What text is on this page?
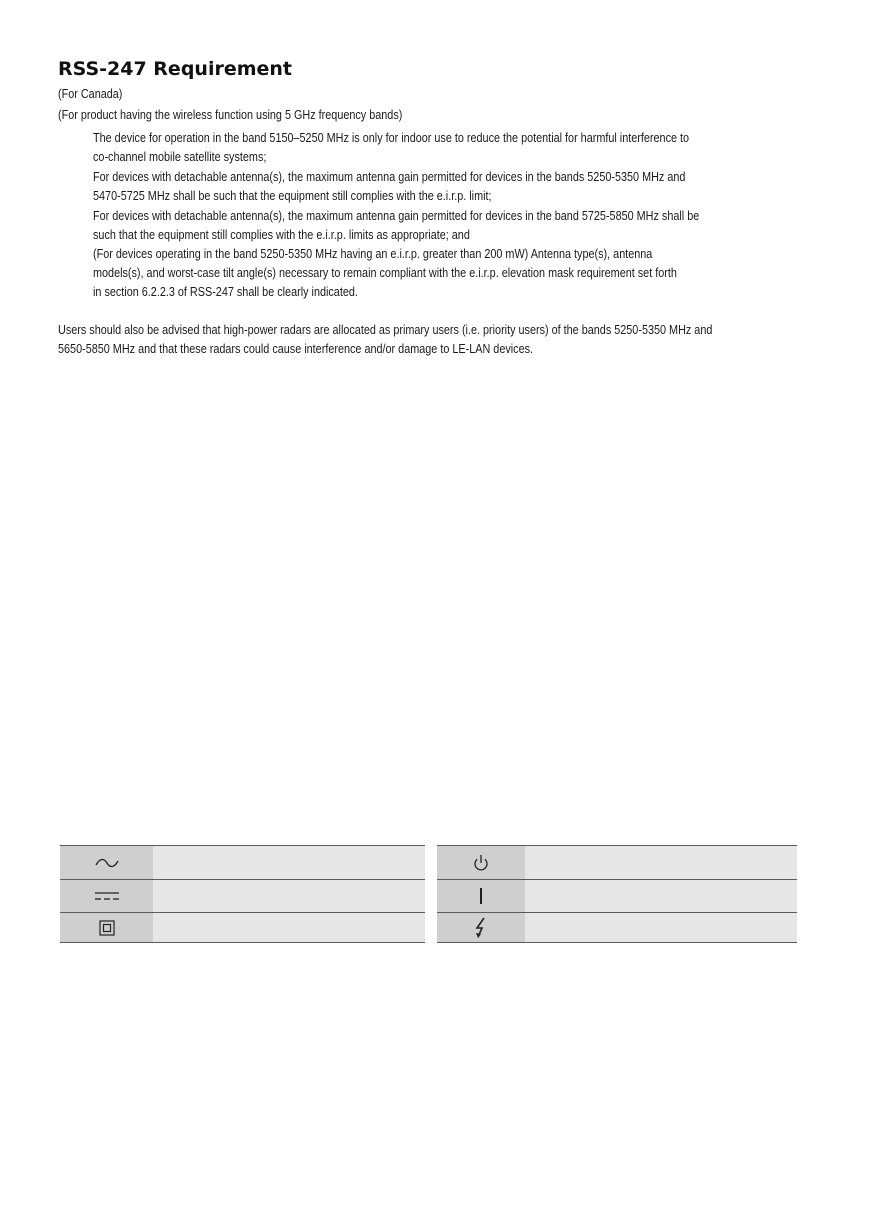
RSS-247 Requirement

(For Canada)

(For product having the wireless function using 5 GHz frequency bands)

The device for operation in the band 5150–5250 MHz is only for indoor use to reduce the potential for harmful interference to

co-channel mobile satellite systems;

For devices with detachable antenna(s), the maximum antenna gain permitted for devices in the bands 5250-5350 MHz and

5470-5725 MHz shall be such that the equipment still complies with the e.i.r.p. limit;

For devices with detachable antenna(s), the maximum antenna gain permitted for devices in the band 5725-5850 MHz shall be

such that the equipment still complies with the e.i.r.p. limits as appropriate; and

(For devices operating in the band 5250-5350 MHz having an e.i.r.p. greater than 200 mW) Antenna type(s), antenna

models(s), and worst-case tilt angle(s) necessary to remain compliant with the e.i.r.p. elevation mask requirement set forth

in section 6.2.2.3 of RSS-247 shall be clearly indicated.

Users should also be advised that high-power radars are allocated as primary users (i.e. priority users) of the bands 5250-5350 MHz and

5650-5850 MHz and that these radars could cause interference and/or damage to LE-LAN devices.
